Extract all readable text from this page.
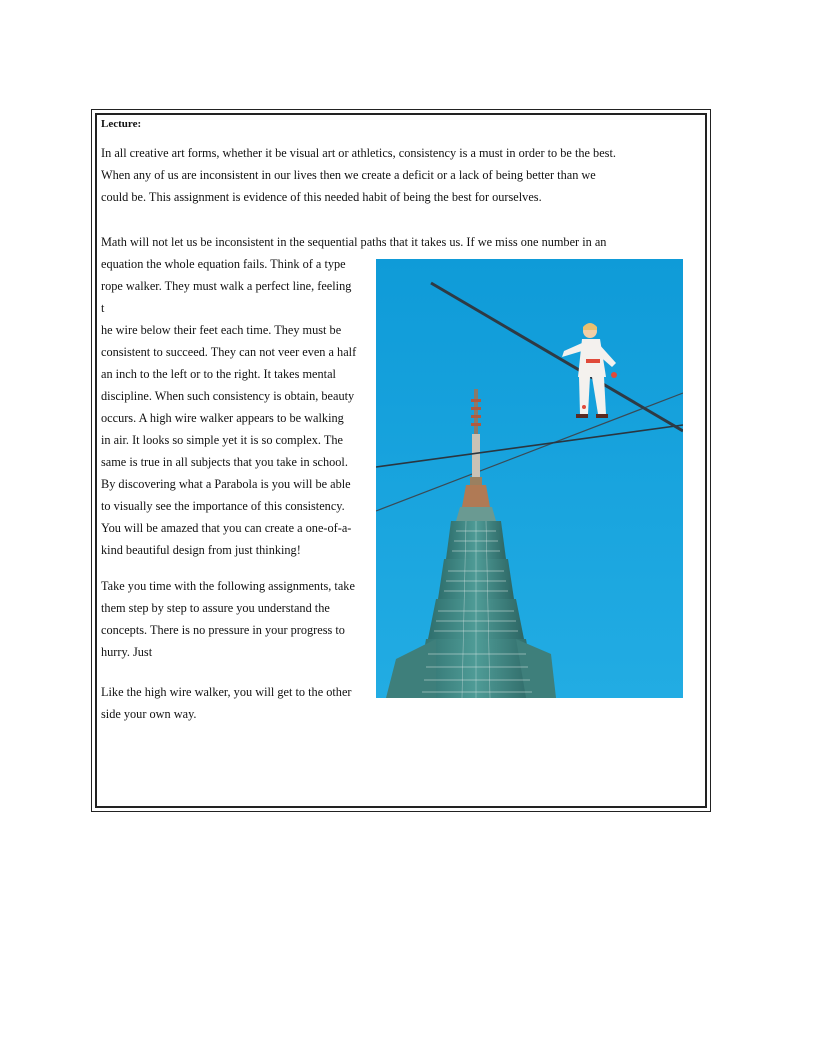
Lecture:

In all creative art forms, whether it be visual art or athletics, consistency is a must in order to be the best.
When any of us are inconsistent in our lives then we create a deficit or a lack of being better than we
could be. This assignment is evidence of this needed habit of being the best for ourselves.

Math will not let us be inconsistent in the sequential paths that it takes us. If we miss one number in an

equation the whole equation fails. Think of a type
rope walker. They must walk a perfect line, feeling
t
he wire below their feet each time. They must be
consistent to succeed. They can not veer even a half
an inch to the left or to the right. It takes mental
discipline. When such consistency is obtain, beauty
occurs. A high wire walker appears to be walking
in air. It looks so simple yet it is so complex. The
same is true in all subjects that you take in school.
By discovering what a Parabola is you will be able
to visually see the importance of this consistency.
You will be amazed that you can create a one-of-a-
kind beautiful design from just thinking!

Take you time with the following assignments, take
them step by step to assure you understand the
concepts. There is no pressure in your progress to
hurry. Just

Like the high wire walker, you will get to the other
side your own way.
